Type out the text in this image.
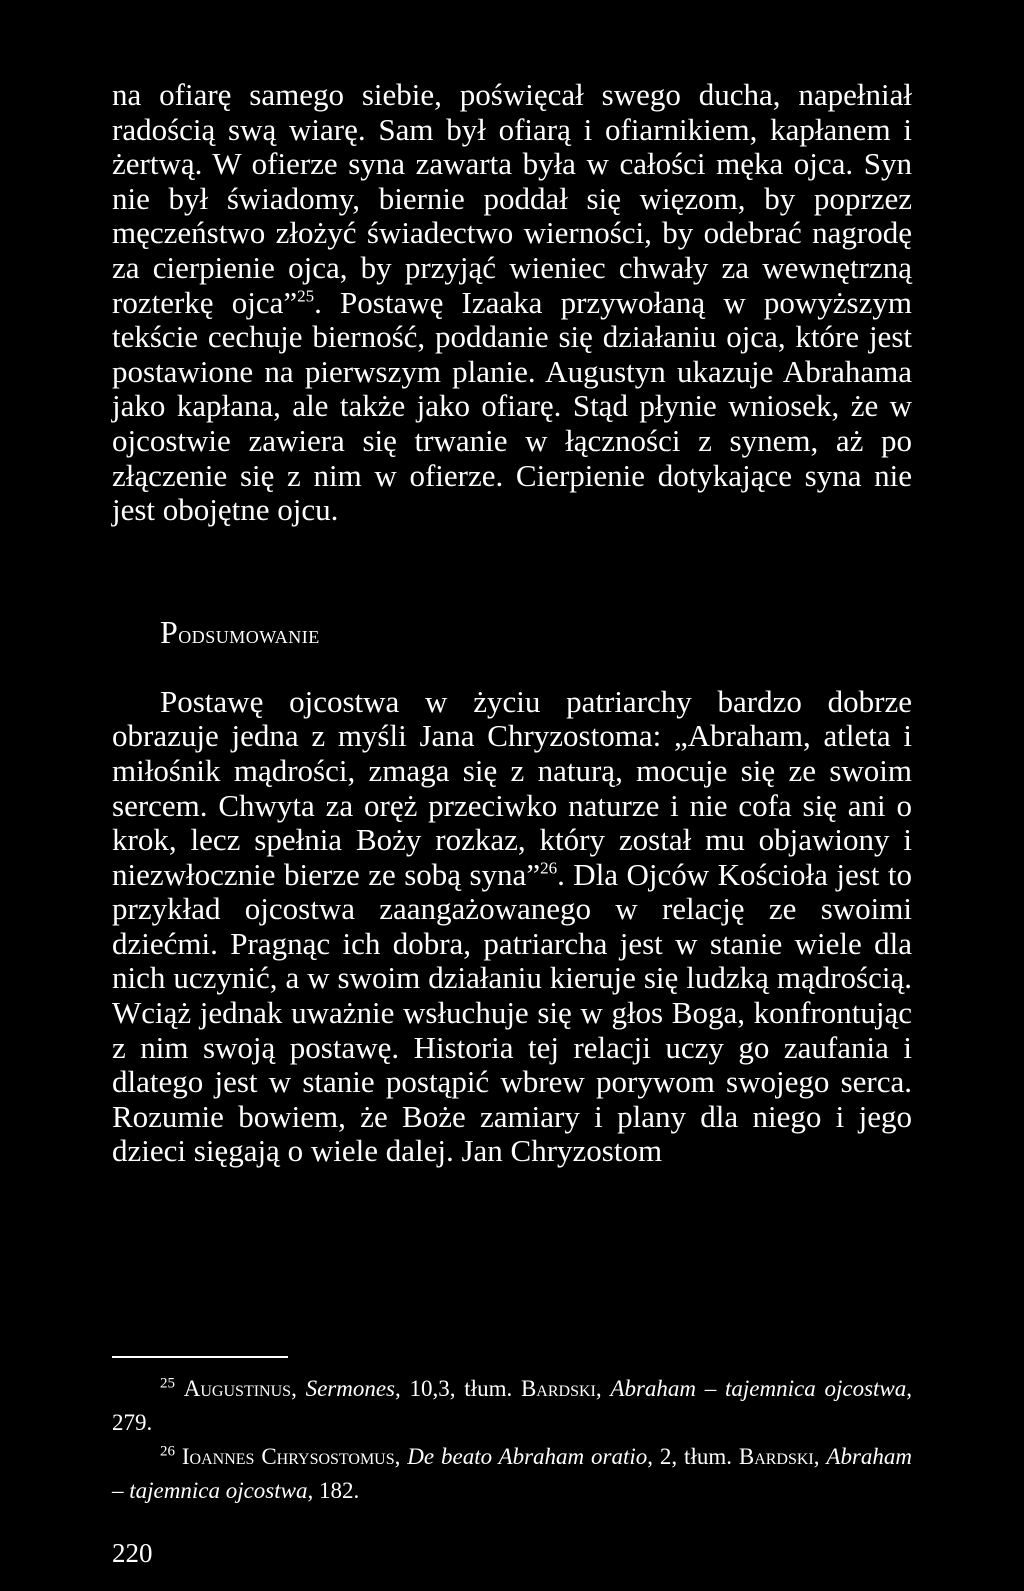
na ofiarę samego siebie, poświęcał swego ducha, napełniał radością swą wiarę. Sam był ofiarą i ofiarnikiem, kapłanem i żertwą. W ofierze syna zawarta była w całości męka ojca. Syn nie był świadomy, biernie poddał się więzom, by poprzez męczeństwo złożyć świadectwo wierności, by odebrać nagrodę za cierpienie ojca, by przyjąć wieniec chwały za wewnętrzną rozterkę ojca”$^{25}$. Postawę Izaaka przywołaną w powyższym tekście cechuje bierność, poddanie się działaniu ojca, które jest postawione na pierwszym planie. Augustyn ukazuje Abrahama jako kapłana, ale także jako ofiarę. Stąd płynie wniosek, że w ojcostwie zawiera się trwanie w łączności z synem, aż po złączenie się z nim w ofierze. Cierpienie dotykające syna nie jest obojętne ojcu.

Podsumowanie

Postawę ojcostwa w życiu patriarchy bardzo dobrze obrazuje jedna z myśli Jana Chryzostoma: „Abraham, atleta i miłośnik mądrości, zmaga się z naturą, mocuje się ze swoim sercem. Chwyta za oręż przeciwko naturze i nie cofa się ani o krok, lecz spełnia Boży rozkaz, który został mu objawiony i niezwłocznie bierze ze sobą syna”$^{26}$. Dla Ojców Kościoła jest to przykład ojcostwa zaangażowanego w relację ze swoimi dziećmi. Pragnąc ich dobra, patriarcha jest w stanie wiele dla nich uczynić, a w swoim działaniu kieruje się ludzką mądrością. Wciąż jednak uważnie wsłuchuje się w głos Boga, konfrontując z nim swoją postawę. Historia tej relacji uczy go zaufania i dlatego jest w stanie postąpić wbrew porywom swojego serca. Rozumie bowiem, że Boże zamiary i plany dla niego i jego dzieci sięgają o wiele dalej. Jan Chryzostom

$^{25}$ Augustinus, Sermones, 10,3, tłum. Bardski, Abraham – tajemnica ojcostwa, 279.

$^{26}$ Ioannes Chrysostomus, De beato Abraham oratio, 2, tłum. Bardski, Abraham – tajemnica ojcostwa, 182.

220
